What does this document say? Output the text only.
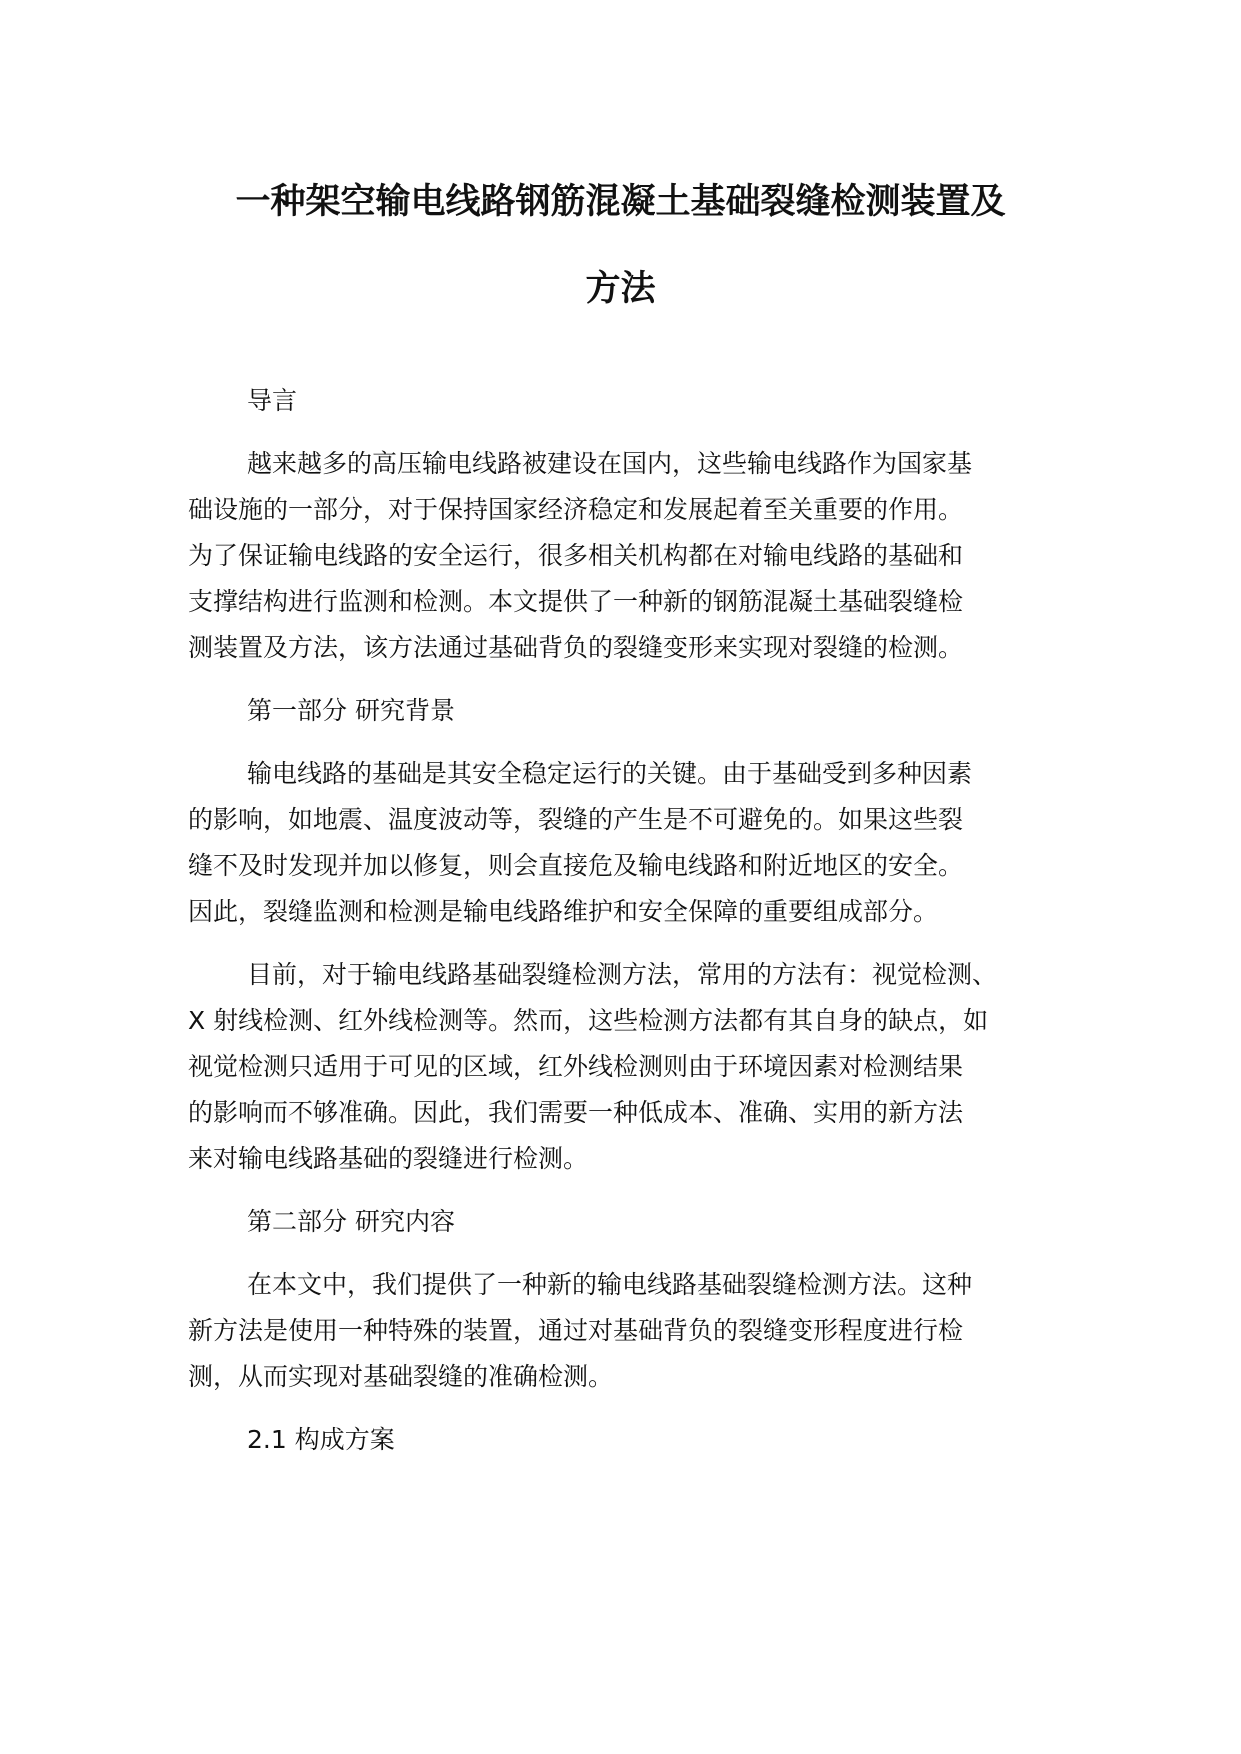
一种架空输电线路钢筋混凝土基础裂缝检测装置及
方法

导言

越来越多的高压输电线路被建设在国内，这些输电线路作为国家基
础设施的一部分，对于保持国家经济稳定和发展起着至关重要的作用。
为了保证输电线路的安全运行，很多相关机构都在对输电线路的基础和
支撑结构进行监测和检测。本文提供了一种新的钢筋混凝土基础裂缝检
测装置及方法，该方法通过基础背负的裂缝变形来实现对裂缝的检测。

第一部分 研究背景

输电线路的基础是其安全稳定运行的关键。由于基础受到多种因素
的影响，如地震、温度波动等，裂缝的产生是不可避免的。如果这些裂
缝不及时发现并加以修复，则会直接危及输电线路和附近地区的安全。
因此，裂缝监测和检测是输电线路维护和安全保障的重要组成部分。
目前，对于输电线路基础裂缝检测方法，常用的方法有：视觉检测、
X 射线检测、红外线检测等。然而，这些检测方法都有其自身的缺点，如
视觉检测只适用于可见的区域，红外线检测则由于环境因素对检测结果
的影响而不够准确。因此，我们需要一种低成本、准确、实用的新方法
来对输电线路基础的裂缝进行检测。

第二部分 研究内容

在本文中，我们提供了一种新的输电线路基础裂缝检测方法。这种
新方法是使用一种特殊的装置，通过对基础背负的裂缝变形程度进行检
测，从而实现对基础裂缝的准确检测。

2.1 构成方案
